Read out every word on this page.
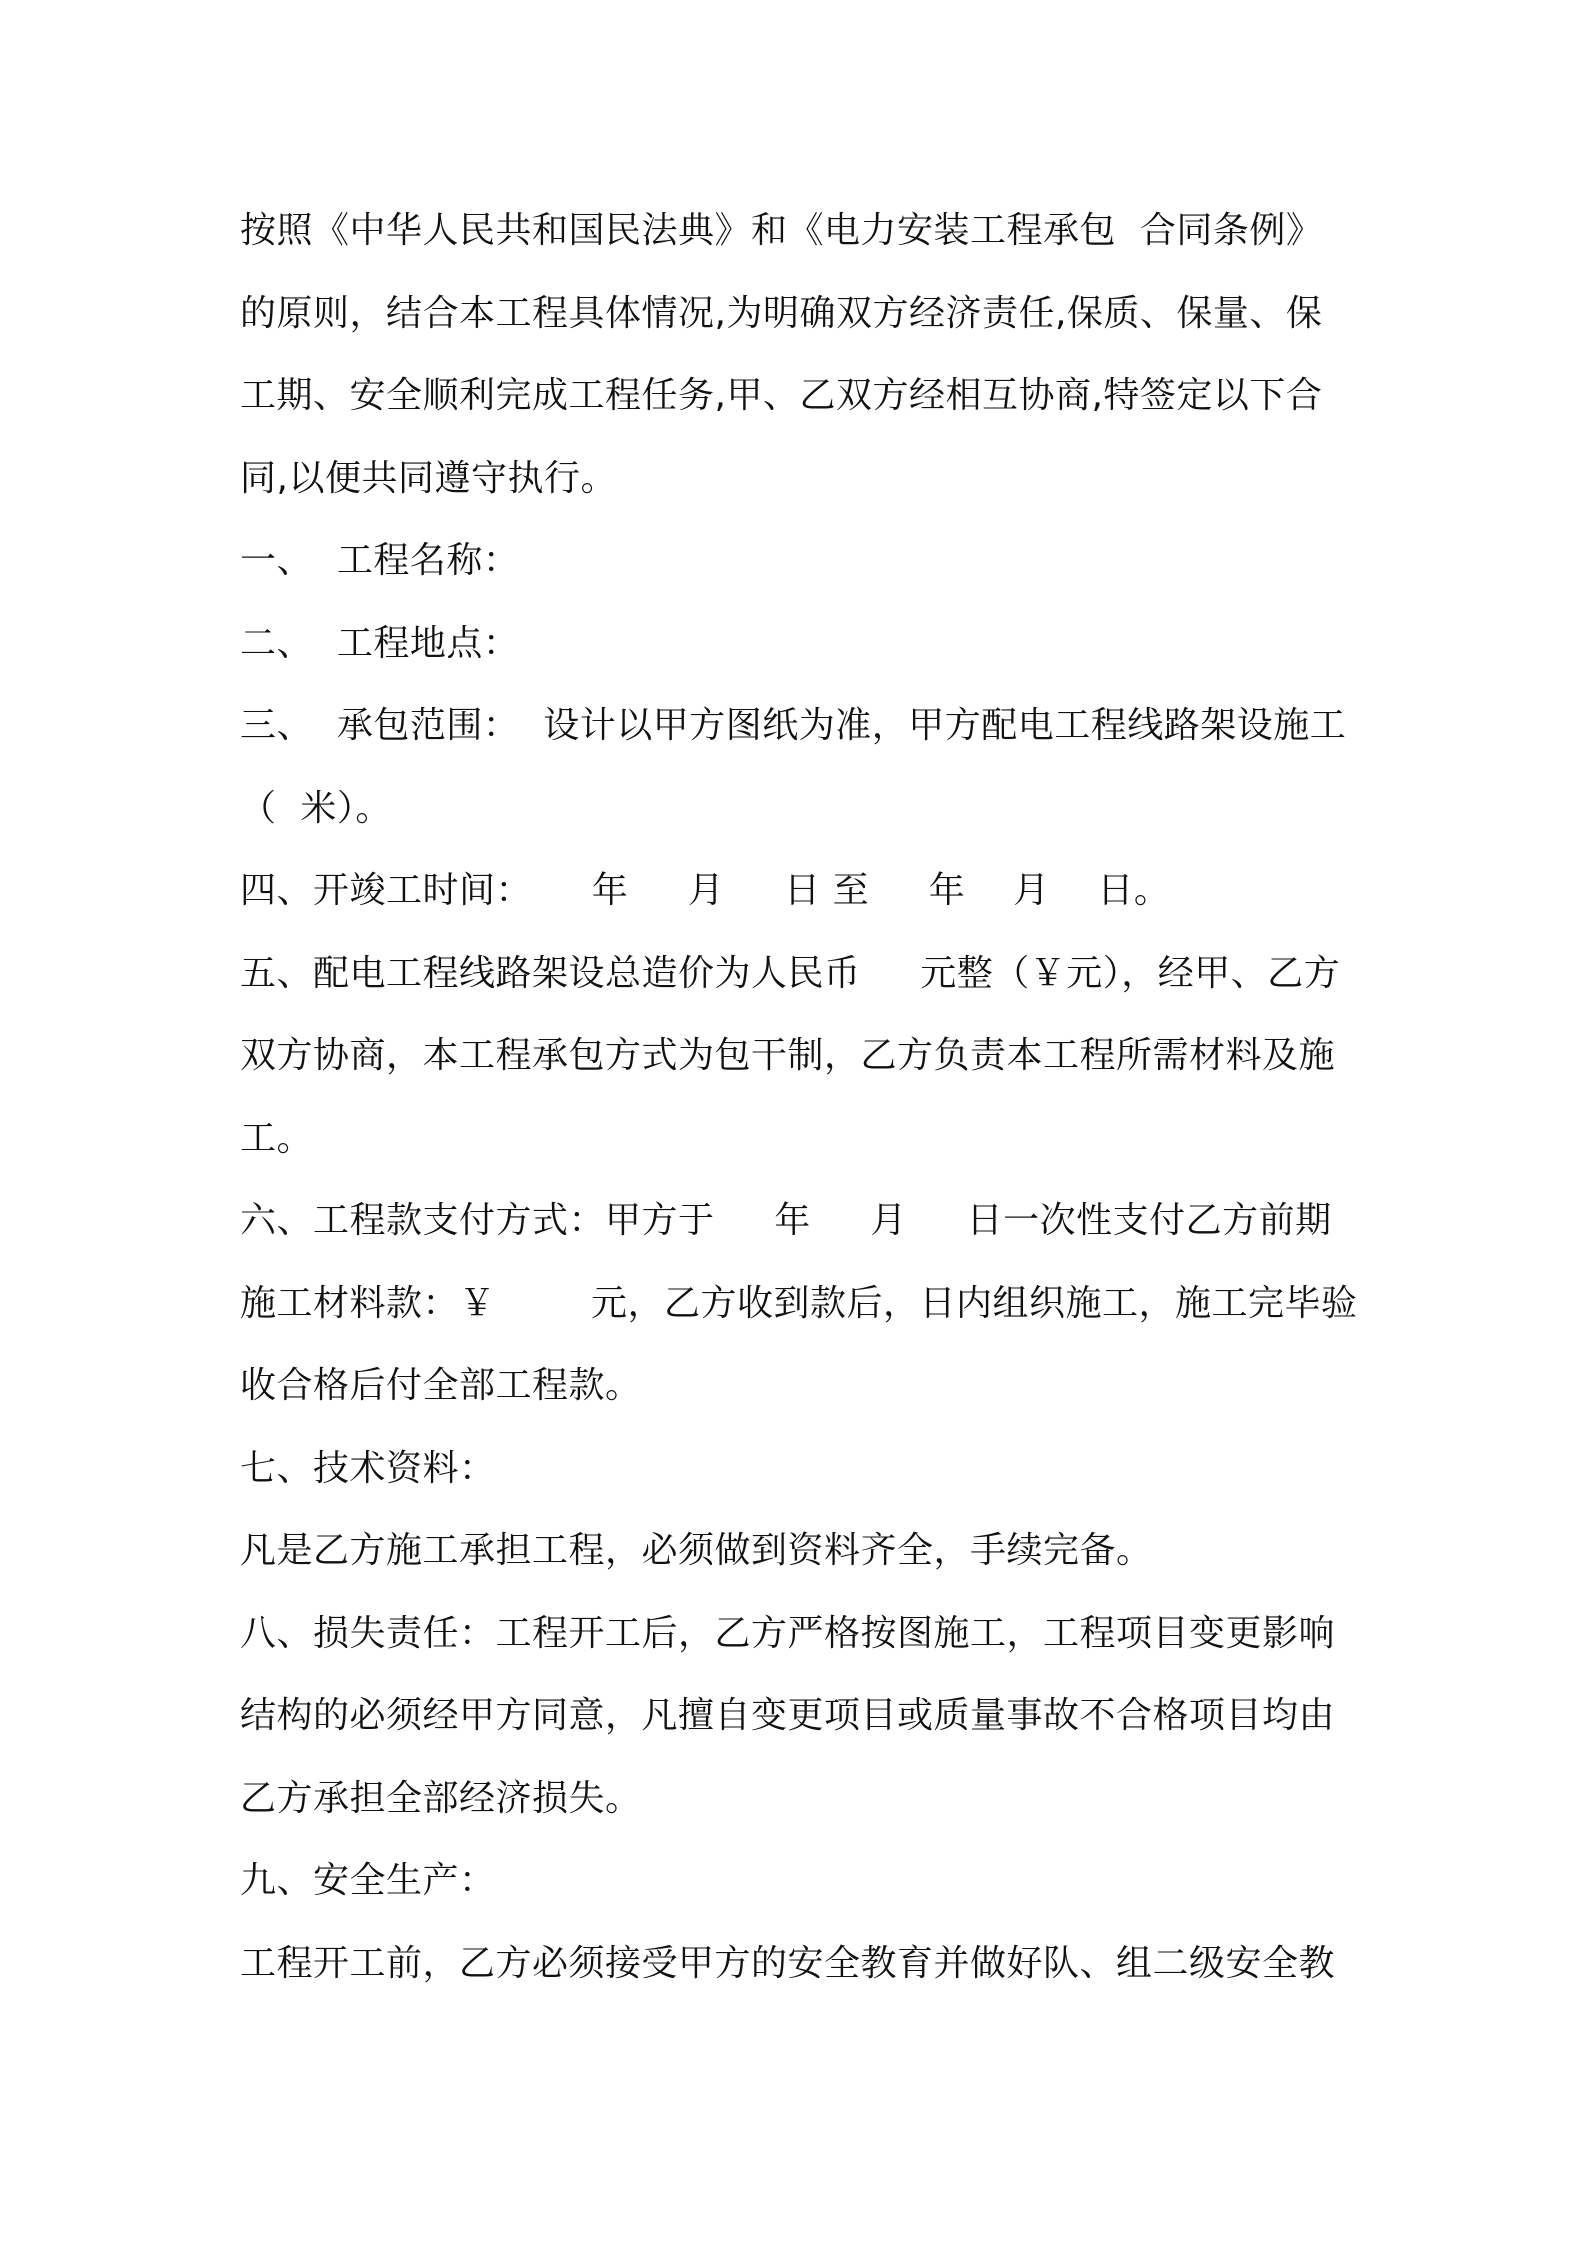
按照《中华人民共和国民法典》和《电力安装工程承包  合同条例》
的原则，结合本工程具体情况,为明确双方经济责任,保质、保量、保
工期、安全顺利完成工程任务,甲、乙双方经相互协商,特签定以下合
同,以便共同遵守执行。
一、  工程名称：
二、  工程地点：
三、  承包范围：  设计以甲方图纸为准，甲方配电工程线路架设施工
（  米）。
四、开竣工时间：     年     月     日 至     年    月    日。
五、配电工程线路架设总造价为人民币     元整（￥元），经甲、乙方
双方协商，本工程承包方式为包干制，乙方负责本工程所需材料及施
工。
六、工程款支付方式：甲方于     年     月     日一次性支付乙方前期
施工材料款：￥        元，乙方收到款后，日内组织施工，施工完毕验
收合格后付全部工程款。
七、技术资料：
凡是乙方施工承担工程，必须做到资料齐全，手续完备。
八、损失责任：工程开工后，乙方严格按图施工，工程项目变更影响
结构的必须经甲方同意，凡擅自变更项目或质量事故不合格项目均由
乙方承担全部经济损失。
九、安全生产：
工程开工前，乙方必须接受甲方的安全教育并做好队、组二级安全教
